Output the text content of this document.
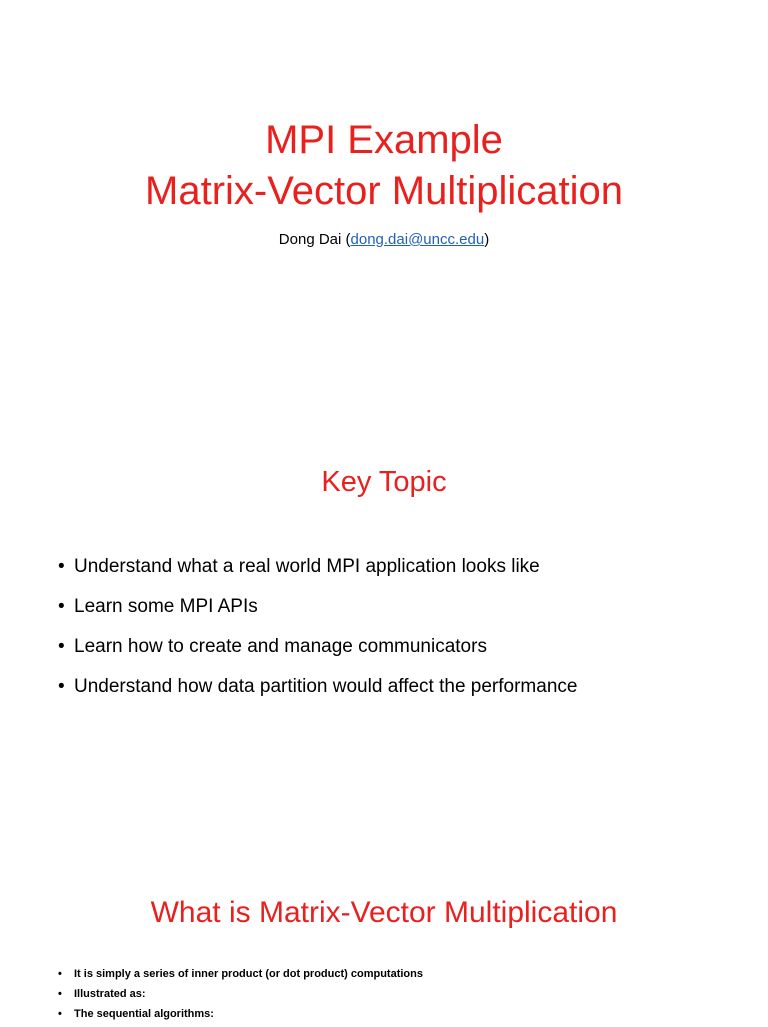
MPI Example
Matrix-Vector Multiplication
Dong Dai (dong.dai@uncc.edu)
Key Topic
• Understand what a real world MPI application looks like
• Learn some MPI APIs
• Learn how to create and manage communicators
• Understand how data partition would affect the performance
What is Matrix-Vector Multiplication
• It is simply a series of inner product (or dot product) computations
• Illustrated as:
• The sequential algorithms:
